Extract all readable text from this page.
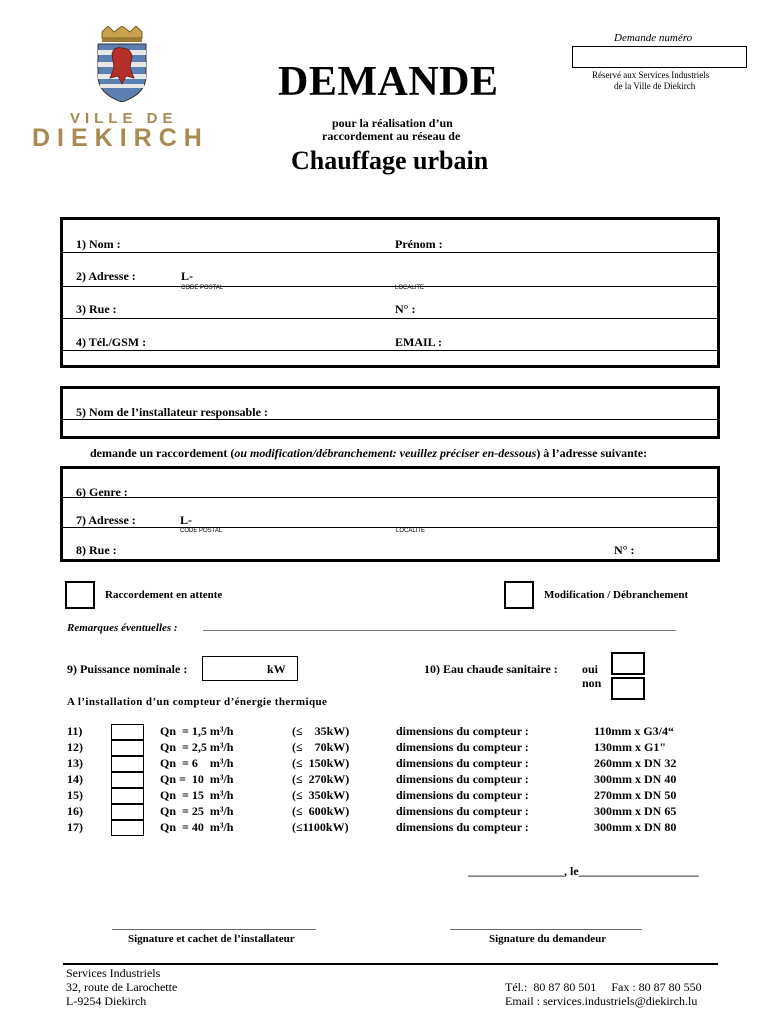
VILLE DE
DIEKIRCH
DEMANDE
pour la réalisation d’un
raccordement au réseau de
Chauffage urbain
Demande numéro
Réservé aux Services Industriels
de la Ville de Diekirch
1) Nom :	Prénom :
2) Adresse :	L-
CODE POSTAL	LOCALITE
3) Rue :	N° :
4) Tél./GSM :	EMAIL :
5) Nom de l’installateur responsable :
demande un raccordement (ou modification/débranchement: veuillez préciser en-dessous) à l’adresse suivante:
6) Genre :
7) Adresse :	L-
CODE POSTAL	LOCALITE
8) Rue :	N° :
Raccordement en attente	Modification / Débranchement
Remarques éventuelles : ______________________________________________________________________________________
9) Puissance nominale :	kW	10) Eau chaude sanitaire : oui
non
A l’installation d’un compteur d’énergie thermique
11)	Qn  = 1,5 m³/h	(≤    35kW)	dimensions du compteur :	110mm x G3/4“
12)	Qn  = 2,5 m³/h	(≤    70kW)	dimensions du compteur :	130mm x G1"
13)	Qn  = 6    m³/h	(≤  150kW)	dimensions du compteur :	260mm x DN 32
14)	Qn =  10  m³/h	(≤  270kW)	dimensions du compteur :	300mm x DN 40
15)	Qn  = 15  m³/h	(≤  350kW)	dimensions du compteur :	270mm x DN 50
16)	Qn  = 25  m³/h	(≤  600kW)	dimensions du compteur :	300mm x DN 65
17)	Qn  = 40  m³/h	(≤1100kW)	dimensions du compteur :	300mm x DN 80
________________, le____________________
__________________________________
Signature et cachet de l’installateur
________________________________
Signature du demandeur
Services Industriels
32, route de Larochette
L-9254 Diekirch
Tél.:  80 87 80 501     Fax : 80 87 80 550
Email : services.industriels@diekirch.lu
